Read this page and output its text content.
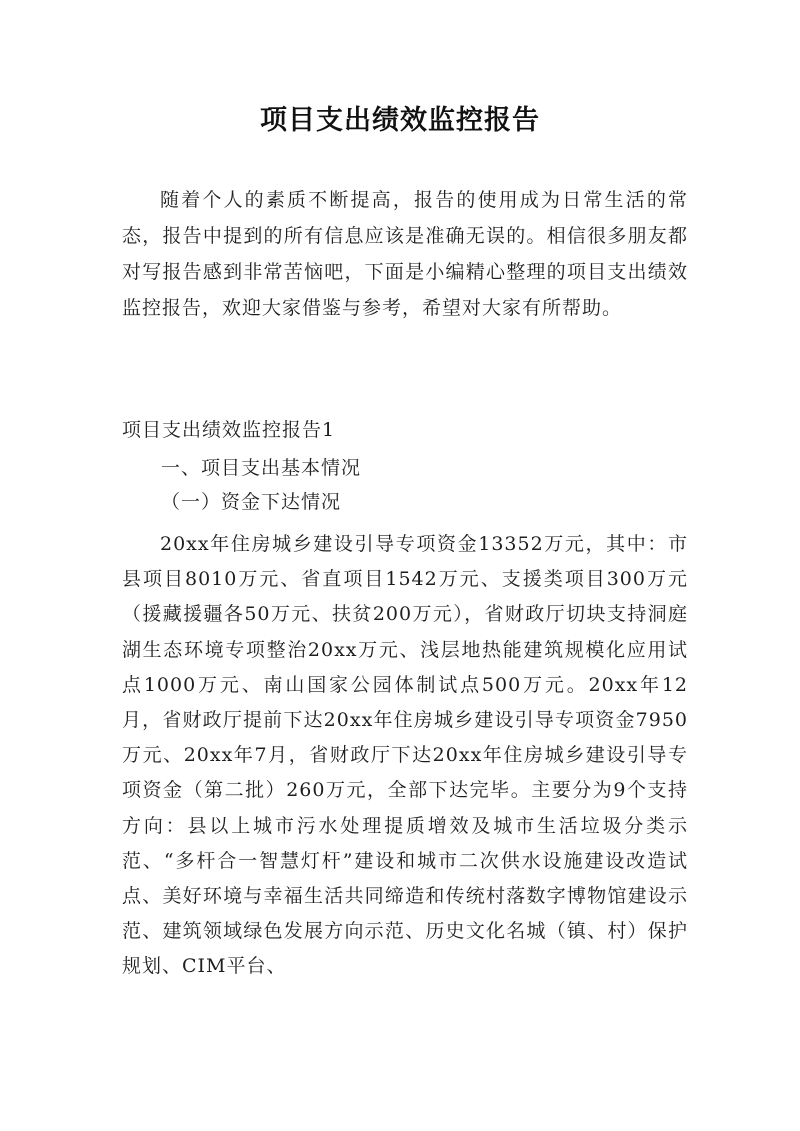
项目支出绩效监控报告
随着个人的素质不断提高，报告的使用成为日常生活的常态，报告中提到的所有信息应该是准确无误的。相信很多朋友都对写报告感到非常苦恼吧，下面是小编精心整理的项目支出绩效监控报告，欢迎大家借鉴与参考，希望对大家有所帮助。
项目支出绩效监控报告1
一、项目支出基本情况
（一）资金下达情况
20xx年住房城乡建设引导专项资金13352万元，其中：市县项目8010万元、省直项目1542万元、支援类项目300万元（援藏援疆各50万元、扶贫200万元），省财政厅切块支持洞庭湖生态环境专项整治20xx万元、浅层地热能建筑规模化应用试点1000万元、南山国家公园体制试点500万元。20xx年12月，省财政厅提前下达20xx年住房城乡建设引导专项资金7950万元、20xx年7月，省财政厅下达20xx年住房城乡建设引导专项资金（第二批）260万元，全部下达完毕。主要分为9个支持方向：县以上城市污水处理提质增效及城市生活垃圾分类示范、“多杆合一智慧灯杆”建设和城市二次供水设施建设改造试点、美好环境与幸福生活共同缔造和传统村落数字博物馆建设示范、建筑领域绿色发展方向示范、历史文化名城（镇、村）保护规划、CIM平台、
